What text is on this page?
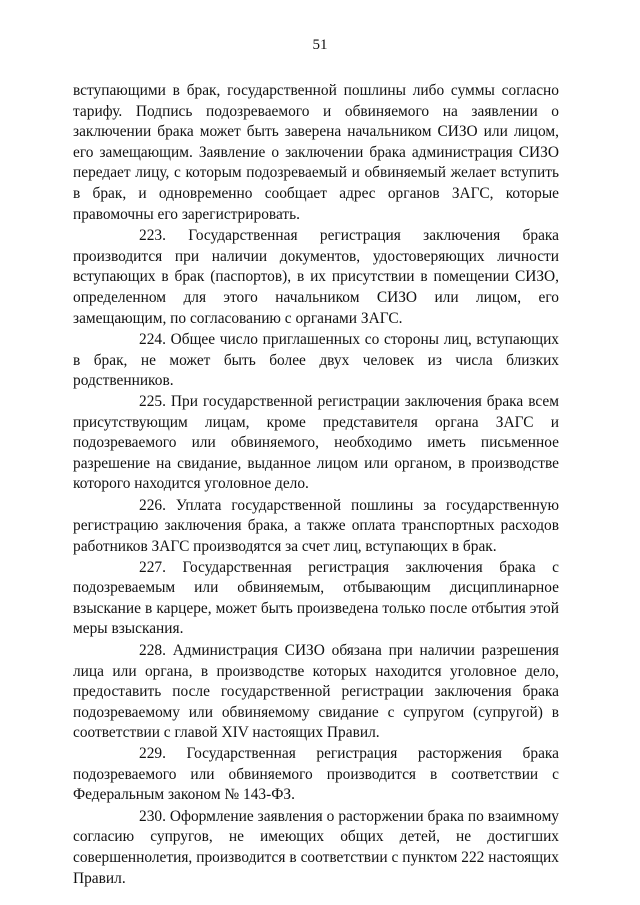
51

вступающими в брак, государственной пошлины либо суммы согласно тарифу. Подпись подозреваемого и обвиняемого на заявлении о заключении брака может быть заверена начальником СИЗО или лицом, его замещающим. Заявление о заключении брака администрация СИЗО передает лицу, с которым подозреваемый и обвиняемый желает вступить в брак, и одновременно сообщает адрес органов ЗАГС, которые правомочны его зарегистрировать.

223. Государственная регистрация заключения брака производится при наличии документов, удостоверяющих личности вступающих в брак (паспортов), в их присутствии в помещении СИЗО, определенном для этого начальником СИЗО или лицом, его замещающим, по согласованию с органами ЗАГС.

224. Общее число приглашенных со стороны лиц, вступающих в брак, не может быть более двух человек из числа близких родственников.

225. При государственной регистрации заключения брака всем присутствующим лицам, кроме представителя органа ЗАГС и подозреваемого или обвиняемого, необходимо иметь письменное разрешение на свидание, выданное лицом или органом, в производстве которого находится уголовное дело.

226. Уплата государственной пошлины за государственную регистрацию заключения брака, а также оплата транспортных расходов работников ЗАГС производятся за счет лиц, вступающих в брак.

227. Государственная регистрация заключения брака с подозреваемым или обвиняемым, отбывающим дисциплинарное взыскание в карцере, может быть произведена только после отбытия этой меры взыскания.

228. Администрация СИЗО обязана при наличии разрешения лица или органа, в производстве которых находится уголовное дело, предоставить после государственной регистрации заключения брака подозреваемому или обвиняемому свидание с супругом (супругой) в соответствии с главой XIV настоящих Правил.

229. Государственная регистрация расторжения брака подозреваемого или обвиняемого производится в соответствии с Федеральным законом № 143-ФЗ.

230. Оформление заявления о расторжении брака по взаимному согласию супругов, не имеющих общих детей, не достигших совершеннолетия, производится в соответствии с пунктом 222 настоящих Правил.
